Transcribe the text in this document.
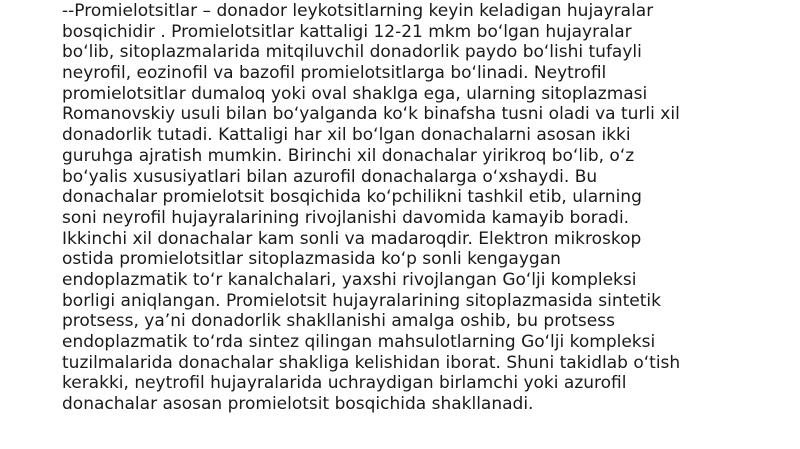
--Promielotsitlar – donador leykotsitlarning keyin keladigan hujayralar
bosqichidir . Promielotsitlar kattaligi 12-21 mkm bo‘lgan hujayralar
bo‘lib, sitoplazmalarida mitqiluvchil donadorlik paydo bo‘lishi tufayli
neyrofil, eozinofil va bazofil promielotsitlarga bo‘linadi. Neytrofil
promielotsitlar dumaloq yoki oval shaklga ega, ularning sitoplazmasi
Romanovskiy usuli bilan bo‘yalganda ko‘k binafsha tusni oladi va turli xil
donadorlik tutadi. Kattaligi har xil bo‘lgan donachalarni asosan ikki
guruhga ajratish mumkin. Birinchi xil donachalar yirikroq bo‘lib, o‘z
bo‘yalis xususiyatlari bilan azurofil donachalarga o‘xshaydi. Bu
donachalar promielotsit bosqichida ko‘pchilikni tashkil etib, ularning
soni neyrofil hujayralarining rivojlanishi davomida kamayib boradi.
Ikkinchi xil donachalar kam sonli va madaroqdir. Elektron mikroskop
ostida promielotsitlar sitoplazmasida ko‘p sonli kengaygan
endoplazmatik to‘r kanalchalari, yaxshi rivojlangan Go‘lji kompleksi
borligi aniqlangan. Promielotsit hujayralarining sitoplazmasida sintetik
protsess, ya’ni donadorlik shakllanishi amalga oshib, bu protsess
endoplazmatik to‘rda sintez qilingan mahsulotlarning Go‘lji kompleksi
tuzilmalarida donachalar shakliga kelishidan iborat. Shuni takidlab o‘tish
kerakki, neytrofil hujayralarida uchraydigan birlamchi yoki azurofil
donachalar asosan promielotsit bosqichida shakllanadi.
